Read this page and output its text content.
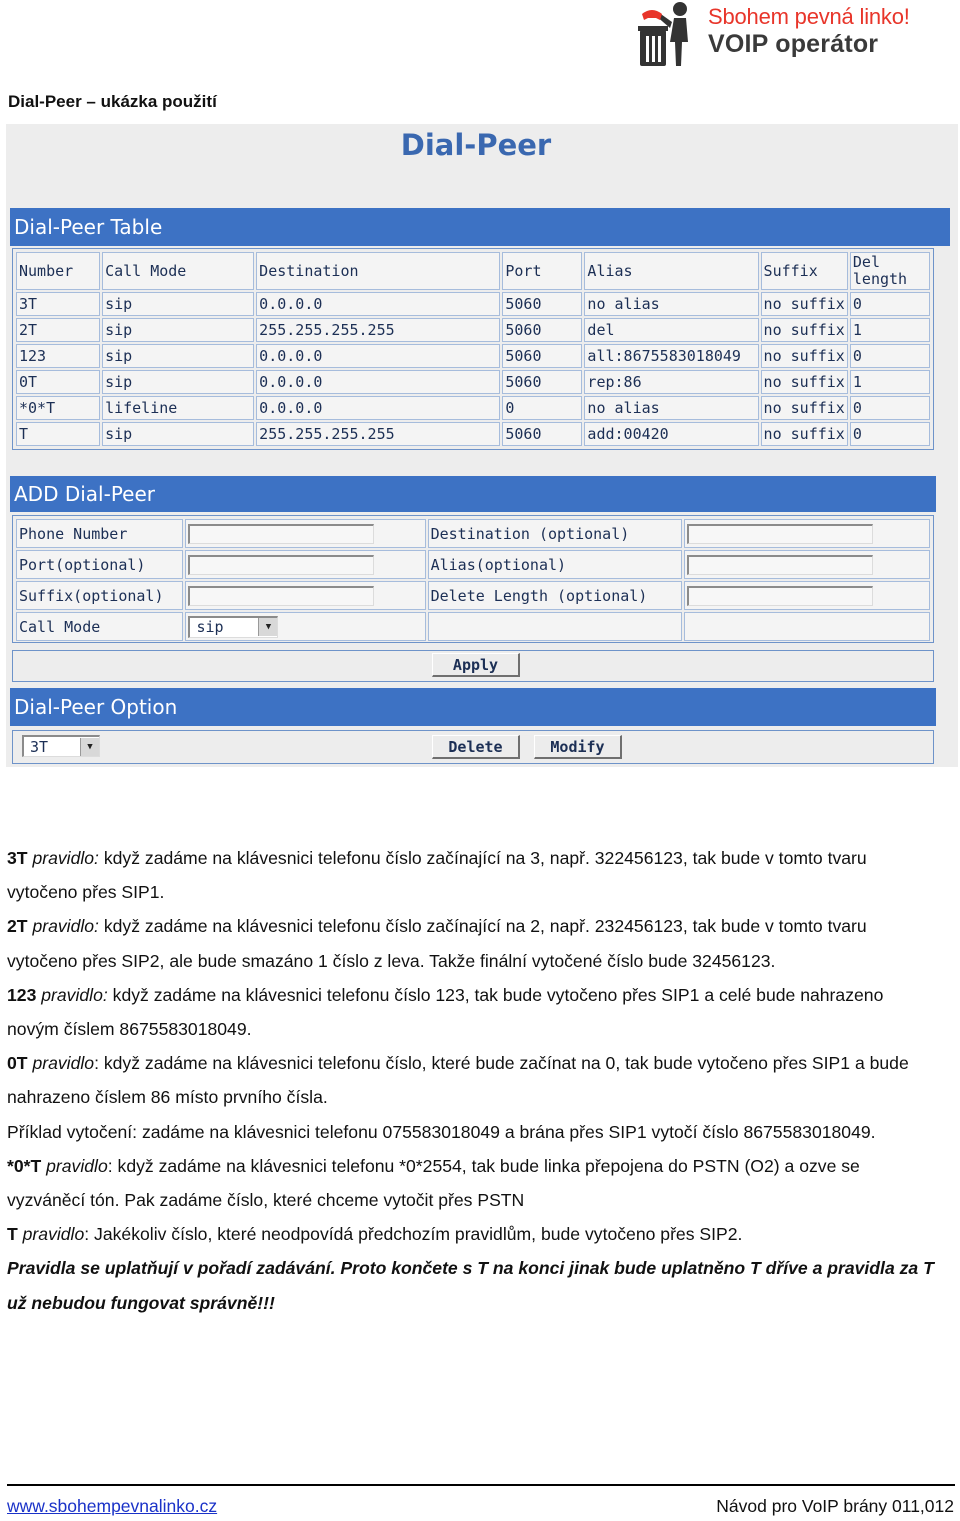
Sbohem pevná linko!
VOIP operátor
Dial-Peer – ukázka použití
Dial-Peer
Dial-Peer Table
Number	Call Mode	Destination	Port	Alias	Suffix	Del length
3T	sip	0.0.0.0	5060	no alias	no suffix	0
2T	sip	255.255.255.255	5060	del	no suffix	1
123	sip	0.0.0.0	5060	all:8675583018049	no suffix	0
0T	sip	0.0.0.0	5060	rep:86	no suffix	1
*0*T	lifeline	0.0.0.0	0	no alias	no suffix	0
T	sip	255.255.255.255	5060	add:00420	no suffix	0
ADD Dial-Peer
Phone Number		Destination (optional)	
Port(optional)		Alias(optional)	
Suffix(optional)		Delete Length (optional)	
Call Mode	sip ▼		

Apply
Dial-Peer Option
3T	▼	Delete	Modify

3T pravidlo: když zadáme na klávesnici telefonu číslo začínající na 3, např. 322456123, tak bude v tomto tvaru vytočeno přes SIP1.

2T pravidlo: když zadáme na klávesnici telefonu číslo začínající na 2, např. 232456123, tak bude v tomto tvaru vytočeno přes SIP2, ale bude smazáno 1 číslo z leva. Takže finální vytočené číslo bude 32456123.

123 pravidlo: když zadáme na klávesnici telefonu číslo 123, tak bude vytočeno přes SIP1 a celé bude nahrazeno novým číslem 8675583018049.

0T pravidlo: když zadáme na klávesnici telefonu číslo, které bude začínat na 0, tak bude vytočeno přes SIP1 a bude nahrazeno číslem 86 místo prvního čísla.

Příklad vytočení: zadáme na klávesnici telefonu 075583018049 a brána přes SIP1 vytočí číslo 8675583018049.

*0*T pravidlo: když zadáme na klávesnici telefonu *0*2554, tak bude linka přepojena do PSTN (O2) a ozve se vyzváněcí tón. Pak zadáme číslo, které chceme vytočit přes PSTN

T pravidlo: Jakékoliv číslo, které neodpovídá předchozím pravidlům, bude vytočeno přes SIP2.

Pravidla se uplatňují v pořadí zadávání. Proto končete s T na konci jinak bude uplatněno T dříve a pravidla za T už nebudou fungovat správně!!!

www.sbohempevnalinko.cz	Návod pro VoIP brány 011,012
